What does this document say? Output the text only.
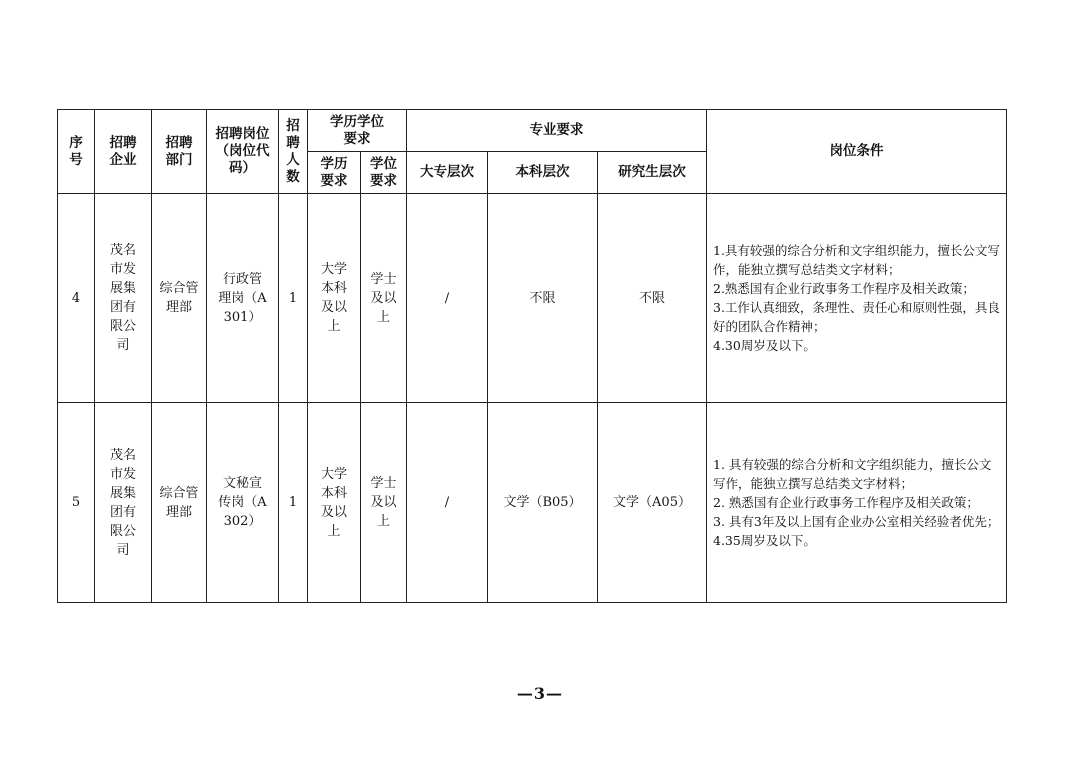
序号	招聘企业	招聘部门	招聘岗位（岗位代码）	招聘人数	学历学位要求		专业要求			岗位条件
					学历要求	学位要求	大专层次	本科层次	研究生层次	
4	茂名市发展集团有限公司	综合管理部	行政管理岗（A301）	1	大学本科及以上	学士及以上	/	不限	不限	1.具有较强的综合分析和文字组织能力，擅长公文写作，能独立撰写总结类文字材料；
2.熟悉国有企业行政事务工作程序及相关政策；
3.工作认真细致，条理性、责任心和原则性强，具良好的团队合作精神；
4.30周岁及以下。

5	茂名市发展集团有限公司	综合管理部	文秘宣传岗（A302）	1	大学本科及以上	学士及以上	/	文学（B05）	文学（A05）	1. 具有较强的综合分析和文字组织能力，擅长公文写作，能独立撰写总结类文字材料；
2. 熟悉国有企业行政事务工作程序及相关政策；
3. 具有3年及以上国有企业办公室相关经验者优先；
4.35周岁及以下。
—3—
